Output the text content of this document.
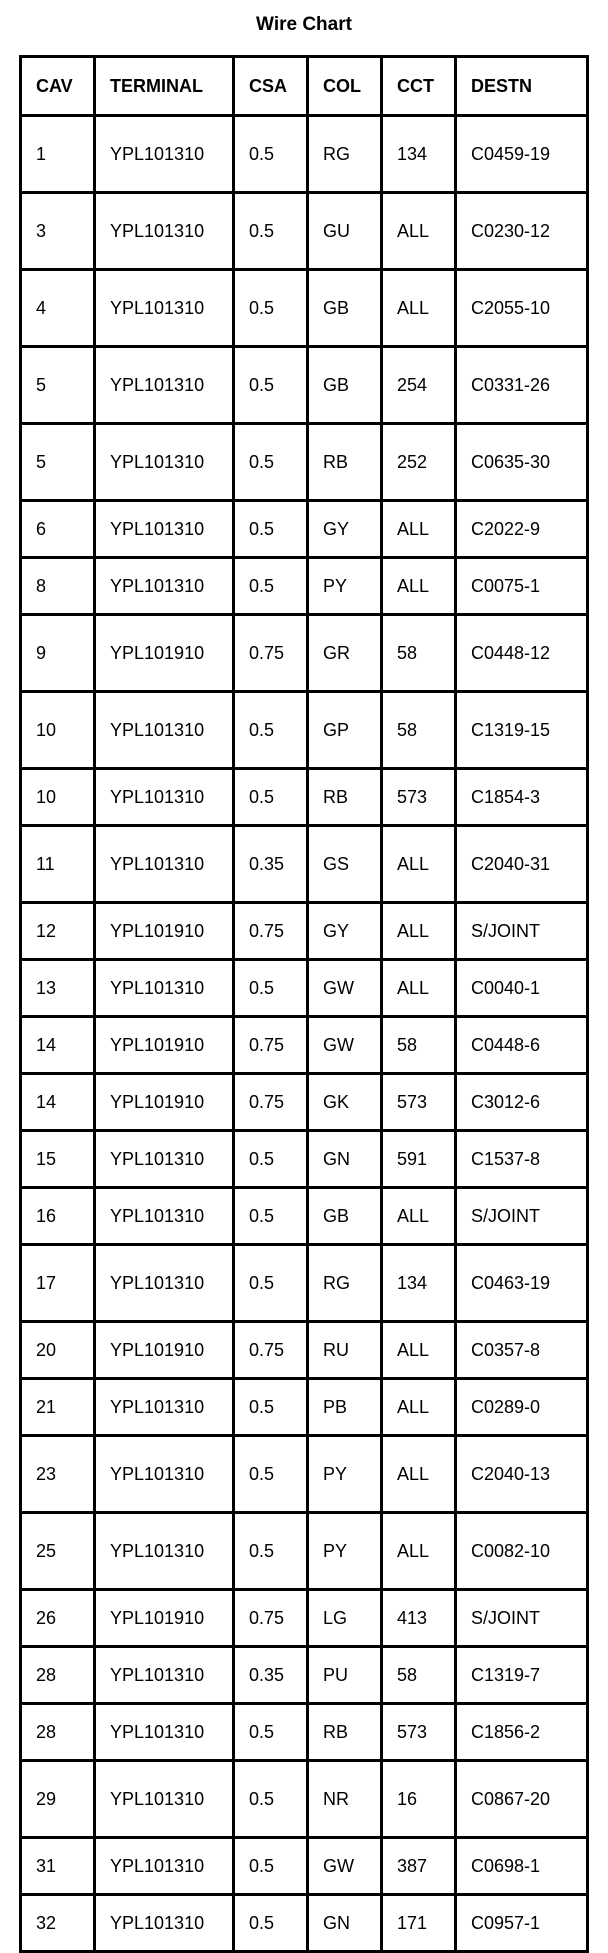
Wire Chart
CAV	TERMINAL	CSA	COL	CCT	DESTN
1	YPL101310	0.5	RG	134	C0459-19
3	YPL101310	0.5	GU	ALL	C0230-12
4	YPL101310	0.5	GB	ALL	C2055-10
5	YPL101310	0.5	GB	254	C0331-26
5	YPL101310	0.5	RB	252	C0635-30
6	YPL101310	0.5	GY	ALL	C2022-9
8	YPL101310	0.5	PY	ALL	C0075-1
9	YPL101910	0.75	GR	58	C0448-12
10	YPL101310	0.5	GP	58	C1319-15
10	YPL101310	0.5	RB	573	C1854-3
11	YPL101310	0.35	GS	ALL	C2040-31
12	YPL101910	0.75	GY	ALL	S/JOINT
13	YPL101310	0.5	GW	ALL	C0040-1
14	YPL101910	0.75	GW	58	C0448-6
14	YPL101910	0.75	GK	573	C3012-6
15	YPL101310	0.5	GN	591	C1537-8
16	YPL101310	0.5	GB	ALL	S/JOINT
17	YPL101310	0.5	RG	134	C0463-19
20	YPL101910	0.75	RU	ALL	C0357-8
21	YPL101310	0.5	PB	ALL	C0289-0
23	YPL101310	0.5	PY	ALL	C2040-13
25	YPL101310	0.5	PY	ALL	C0082-10
26	YPL101910	0.75	LG	413	S/JOINT
28	YPL101310	0.35	PU	58	C1319-7
28	YPL101310	0.5	RB	573	C1856-2
29	YPL101310	0.5	NR	16	C0867-20
31	YPL101310	0.5	GW	387	C0698-1
32	YPL101310	0.5	GN	171	C0957-1
